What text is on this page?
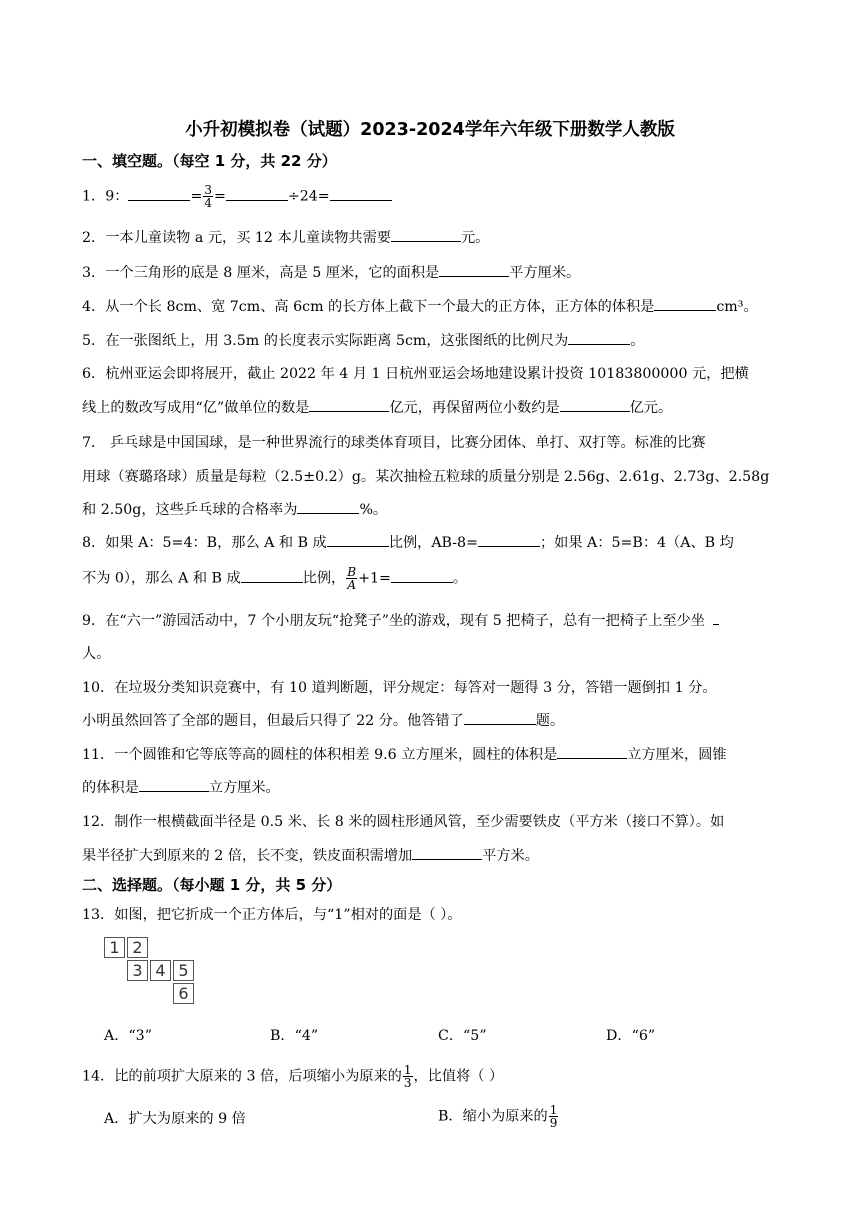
小升初模拟卷（试题）2023-2024学年六年级下册数学人教版
一、填空题。（每空 1 分，共 22 分）
1．9：	= $\frac{3}{4}$ =	÷24=
2．一本儿童读物 a 元，买 12 本儿童读物共需要	元。
3．一个三角形的底是 8 厘米，高是 5 厘米，它的面积是	平方厘米。
4．从一个长 8cm、宽 7cm、高 6cm 的长方体上截下一个最大的正方体，正方体的体积是	cm³。
5．在一张图纸上，用 3.5m 的长度表示实际距离 5cm，这张图纸的比例尺为	。
6．杭州亚运会即将展开，截止 2022 年 4 月 1 日杭州亚运会场地建设累计投资 10183800000 元，把横
线上的数改写成用“亿”做单位的数是	亿元，再保留两位小数约是	亿元。
7． 乒乓球是中国国球，是一种世界流行的球类体育项目，比赛分团体、单打、双打等。标准的比赛
用球（赛璐珞球）质量是每粒（2.5±0.2）g。某次抽检五粒球的质量分别是 2.56g、2.61g、2.73g、2.58g
和 2.50g，这些乒乓球的合格率为	%。
8．如果 A：5=4：B，那么 A 和 B 成	比例，AB-8=	；如果 A：5=B：4（A、B 均
不为 0），那么 A 和 B 成	比例， $\frac{B}{A} +1=$	。
9．在“六一”游园活动中，7 个小朋友玩“抢凳子”坐的游戏，现有 5 把椅子，总有一把椅子上至少坐
人。
10．在垃圾分类知识竞赛中，有 10 道判断题，评分规定：每答对一题得 3 分，答错一题倒扣 1 分。
小明虽然回答了全部的题目，但最后只得了 22 分。他答错了	题。
11．一个圆锥和它等底等高的圆柱的体积相差 9.6 立方厘米，圆柱的体积是	立方厘米，圆锥
的体积是	立方厘米。
12．制作一根横截面半径是 0.5 米、长 8 米的圆柱形通风管，至少需要铁皮（平方米（接口不算）。如
果半径扩大到原来的 2 倍，长不变，铁皮面积需增加	平方米。
二、选择题。（每小题 1 分，共 5 分）
13．如图，把它折成一个正方体后，与“1”相对的面是（ ）。
1 2
3 4 5
6
A．“3”	B．“4”	C．“5”	D．“6”
14．比的前项扩大原来的 3 倍，后项缩小为原来的 $\frac{1}{3}$ ，比值将（ ）
A．扩大为原来的 9 倍	B．缩小为原来的 $\frac{1}{9}$
